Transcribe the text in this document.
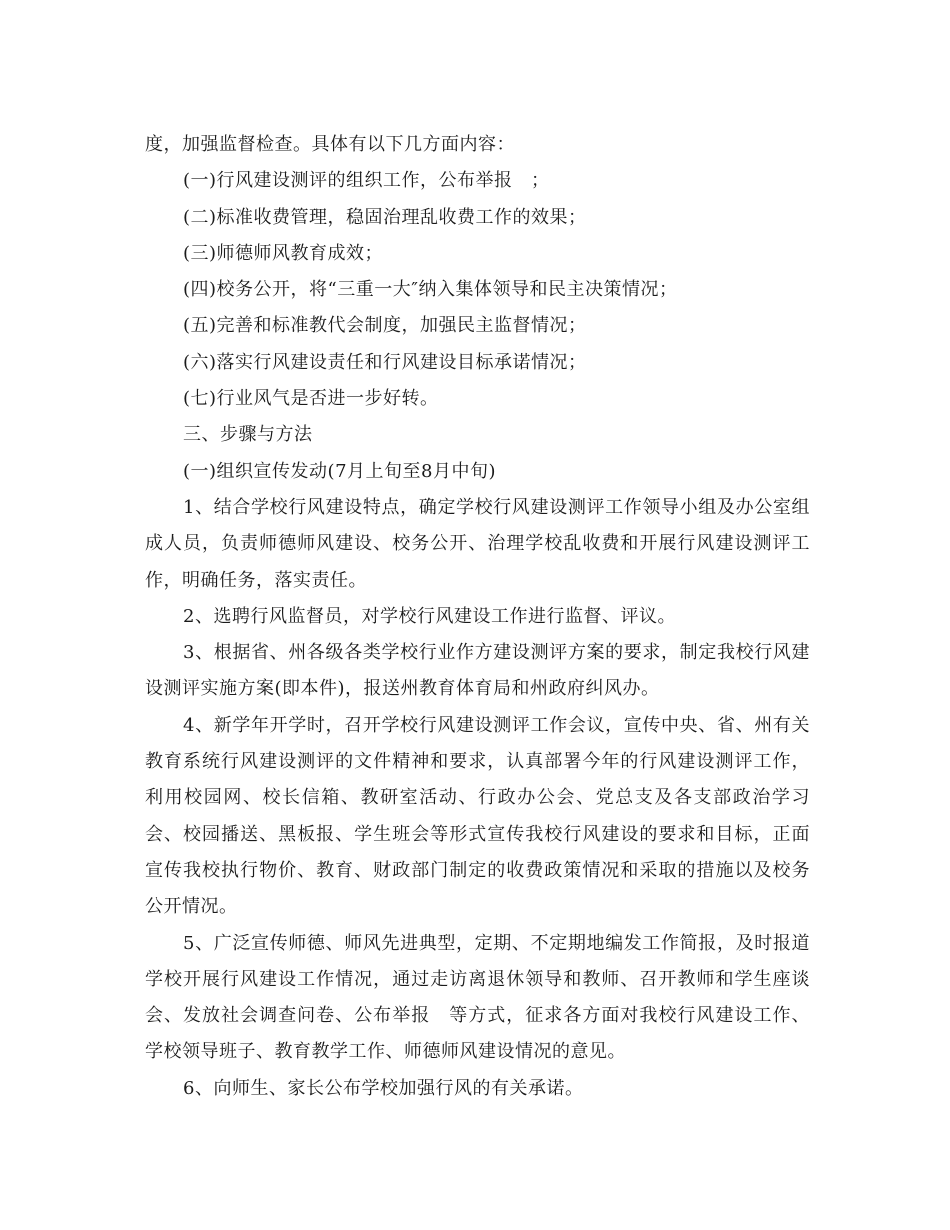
度，加强监督检查。具体有以下几方面内容：

(一)行风建设测评的组织工作，公布举报　；

(二)标准收费管理，稳固治理乱收费工作的效果；

(三)师德师风教育成效；

(四)校务公开，将“三重一大″纳入集体领导和民主决策情况；

(五)完善和标准教代会制度，加强民主监督情况；

(六)落实行风建设责任和行风建设目标承诺情况；

(七)行业风气是否进一步好转。

三、步骤与方法

(一)组织宣传发动(7月上旬至8月中旬)

1、结合学校行风建设特点，确定学校行风建设测评工作领导小组及办公室组成人员，负责师德师风建设、校务公开、治理学校乱收费和开展行风建设测评工作，明确任务，落实责任。

2、选聘行风监督员，对学校行风建设工作进行监督、评议。

3、根据省、州各级各类学校行业作方建设测评方案的要求，制定我校行风建设测评实施方案(即本件)，报送州教育体育局和州政府纠风办。

4、新学年开学时，召开学校行风建设测评工作会议，宣传中央、省、州有关教育系统行风建设测评的文件精神和要求，认真部署今年的行风建设测评工作，利用校园网、校长信箱、教研室活动、行政办公会、党总支及各支部政治学习会、校园播送、黑板报、学生班会等形式宣传我校行风建设的要求和目标，正面宣传我校执行物价、教育、财政部门制定的收费政策情况和采取的措施以及校务公开情况。

5、广泛宣传师德、师风先进典型，定期、不定期地编发工作简报，及时报道学校开展行风建设工作情况，通过走访离退休领导和教师、召开教师和学生座谈会、发放社会调查问卷、公布举报　等方式，征求各方面对我校行风建设工作、学校领导班子、教育教学工作、师德师风建设情况的意见。

6、向师生、家长公布学校加强行风的有关承诺。
